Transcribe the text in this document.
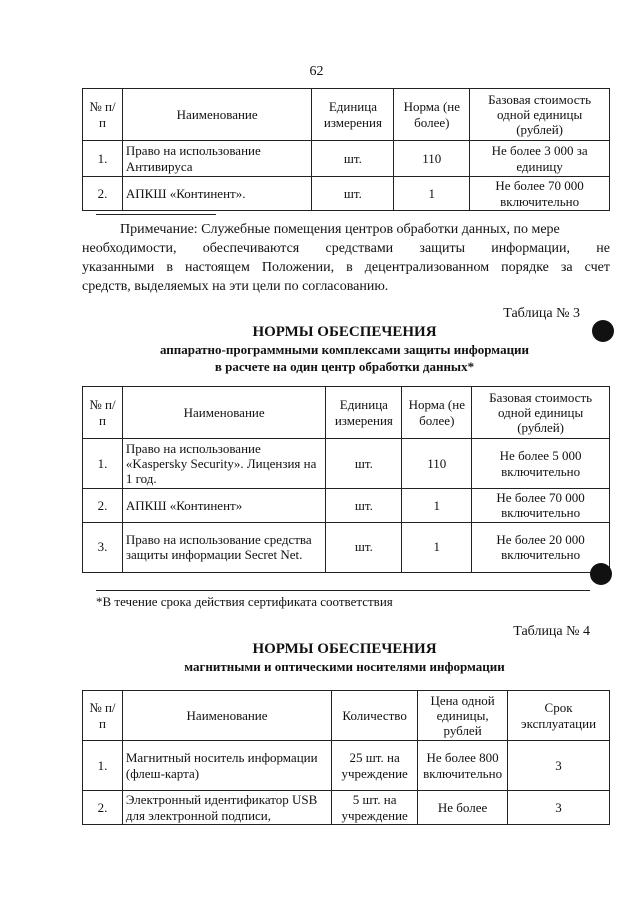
62
№ п/п	Наименование	Единица измерения	Норма (не более)	Базовая стоимость одной единицы (рублей)
1.	Право на использование Антивируса	шт.	110	Не более 3 000 за единицу
2.	АПКШ «Континент».	шт.	1	Не более 70 000 включительно
Примечание: Служебные помещения центров обработки данных, по мере
необходимости, обеспечиваются средствами защиты информации, не
указанными в настоящем Положении, в децентрализованном порядке за счет
средств, выделяемых на эти цели по согласованию.
Таблица № 3
НОРМЫ ОБЕСПЕЧЕНИЯ
аппаратно-программными комплексами защиты информации
в расчете на один центр обработки данных*
№ п/п	Наименование	Единица измерения	Норма (не более)	Базовая стоимость одной единицы (рублей)
1.	Право на использование «Kaspersky Security». Лицензия на 1 год.	шт.	110	Не более 5 000 включительно
2.	АПКШ «Континент»	шт.	1	Не более 70 000 включительно
3.	Право на использование средства защиты информации Secret Net.	шт.	1	Не более 20 000 включительно
*В течение срока действия сертификата соответствия
Таблица № 4
НОРМЫ ОБЕСПЕЧЕНИЯ
магнитными и оптическими носителями информации
№ п/п	Наименование	Количество	Цена одной единицы, рублей	Срок эксплуатации
1.	Магнитный носитель информации (флеш-карта)	25 шт. на учреждение	Не более 800 включительно	3
2.	Электронный идентификатор USB для электронной подписи,	5 шт. на учреждение	Не более	3
